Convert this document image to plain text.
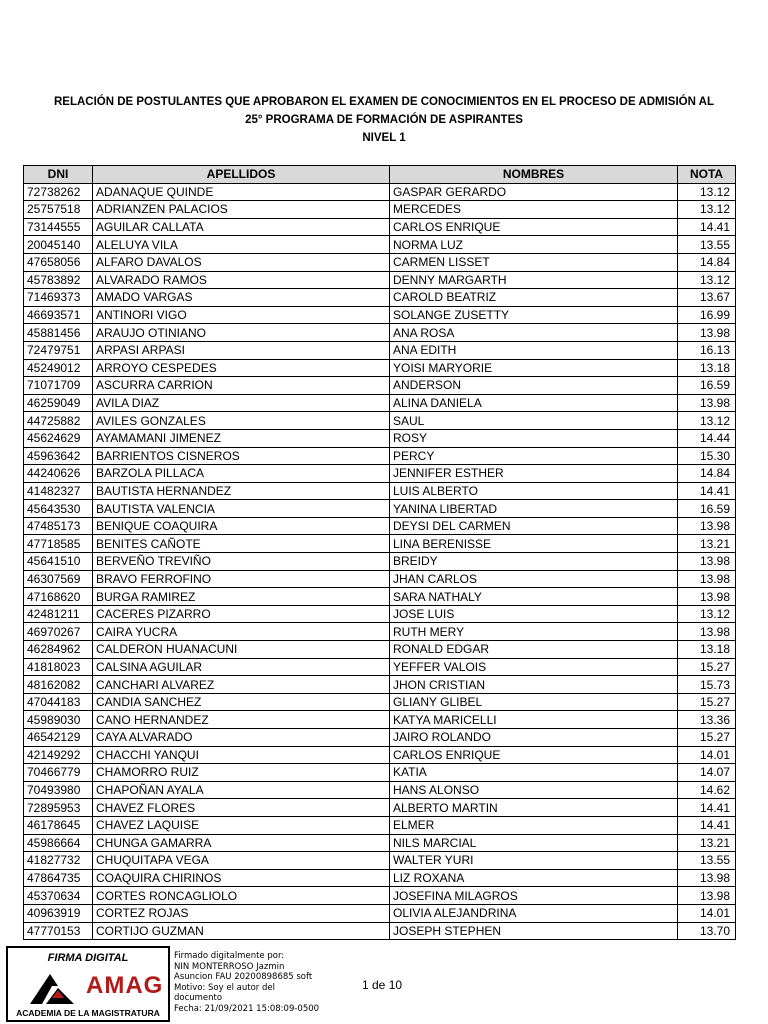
RELACIÓN DE POSTULANTES QUE APROBARON EL EXAMEN DE CONOCIMIENTOS EN EL PROCESO DE ADMISIÓN AL
25° PROGRAMA DE FORMACIÓN DE ASPIRANTES
NIVEL 1
DNI	APELLIDOS	NOMBRES	NOTA
72738262	ADANAQUE QUINDE	GASPAR GERARDO	13.12
25757518	ADRIANZEN PALACIOS	MERCEDES	13.12
73144555	AGUILAR CALLATA	CARLOS ENRIQUE	14.41
20045140	ALELUYA VILA	NORMA LUZ	13.55
47658056	ALFARO DAVALOS	CARMEN LISSET	14.84
45783892	ALVARADO RAMOS	DENNY MARGARTH	13.12
71469373	AMADO VARGAS	CAROLD BEATRIZ	13.67
46693571	ANTINORI VIGO	SOLANGE ZUSETTY	16.99
45881456	ARAUJO OTINIANO	ANA ROSA	13.98
72479751	ARPASI ARPASI	ANA EDITH	16.13
45249012	ARROYO CESPEDES	YOISI MARYORIE	13.18
71071709	ASCURRA CARRION	ANDERSON	16.59
46259049	AVILA DIAZ	ALINA DANIELA	13.98
44725882	AVILES GONZALES	SAUL	13.12
45624629	AYAMAMANI JIMENEZ	ROSY	14.44
45963642	BARRIENTOS CISNEROS	PERCY	15.30
44240626	BARZOLA PILLACA	JENNIFER ESTHER	14.84
41482327	BAUTISTA HERNANDEZ	LUIS ALBERTO	14.41
45643530	BAUTISTA VALENCIA	YANINA LIBERTAD	16.59
47485173	BENIQUE COAQUIRA	DEYSI DEL CARMEN	13.98
47718585	BENITES CAÑOTE	LINA BERENISSE	13.21
45641510	BERVEÑO TREVIÑO	BREIDY	13.98
46307569	BRAVO FERROFINO	JHAN CARLOS	13.98
47168620	BURGA RAMIREZ	SARA NATHALY	13.98
42481211	CACERES PIZARRO	JOSE LUIS	13.12
46970267	CAIRA YUCRA	RUTH MERY	13.98
46284962	CALDERON HUANACUNI	RONALD EDGAR	13.18
41818023	CALSINA AGUILAR	YEFFER VALOIS	15.27
48162082	CANCHARI ALVAREZ	JHON CRISTIAN	15.73
47044183	CANDIA SANCHEZ	GLIANY GLIBEL	15.27
45989030	CANO HERNANDEZ	KATYA MARICELLI	13.36
46542129	CAYA ALVARADO	JAIRO ROLANDO	15.27
42149292	CHACCHI YANQUI	CARLOS ENRIQUE	14.01
70466779	CHAMORRO RUIZ	KATIA	14.07
70493980	CHAPOÑAN AYALA	HANS ALONSO	14.62
72895953	CHAVEZ FLORES	ALBERTO MARTIN	14.41
46178645	CHAVEZ LAQUISE	ELMER	14.41
45986664	CHUNGA GAMARRA	NILS MARCIAL	13.21
41827732	CHUQUITAPA VEGA	WALTER YURI	13.55
47864735	COAQUIRA CHIRINOS	LIZ ROXANA	13.98
45370634	CORTES RONCAGLIOLO	JOSEFINA MILAGROS	13.98
40963919	CORTEZ ROJAS	OLIVIA ALEJANDRINA	14.01
47770153	CORTIJO GUZMAN	JOSEPH STEPHEN	13.70
FIRMA DIGITAL
AMAG
ACADEMIA DE LA MAGISTRATURA
Firmado digitalmente por:
NIN MONTERROSO Jazmin
Asuncion FAU 20200898685 soft
Motivo: Soy el autor del
documento
Fecha: 21/09/2021 15:08:09-0500
1 de 10
